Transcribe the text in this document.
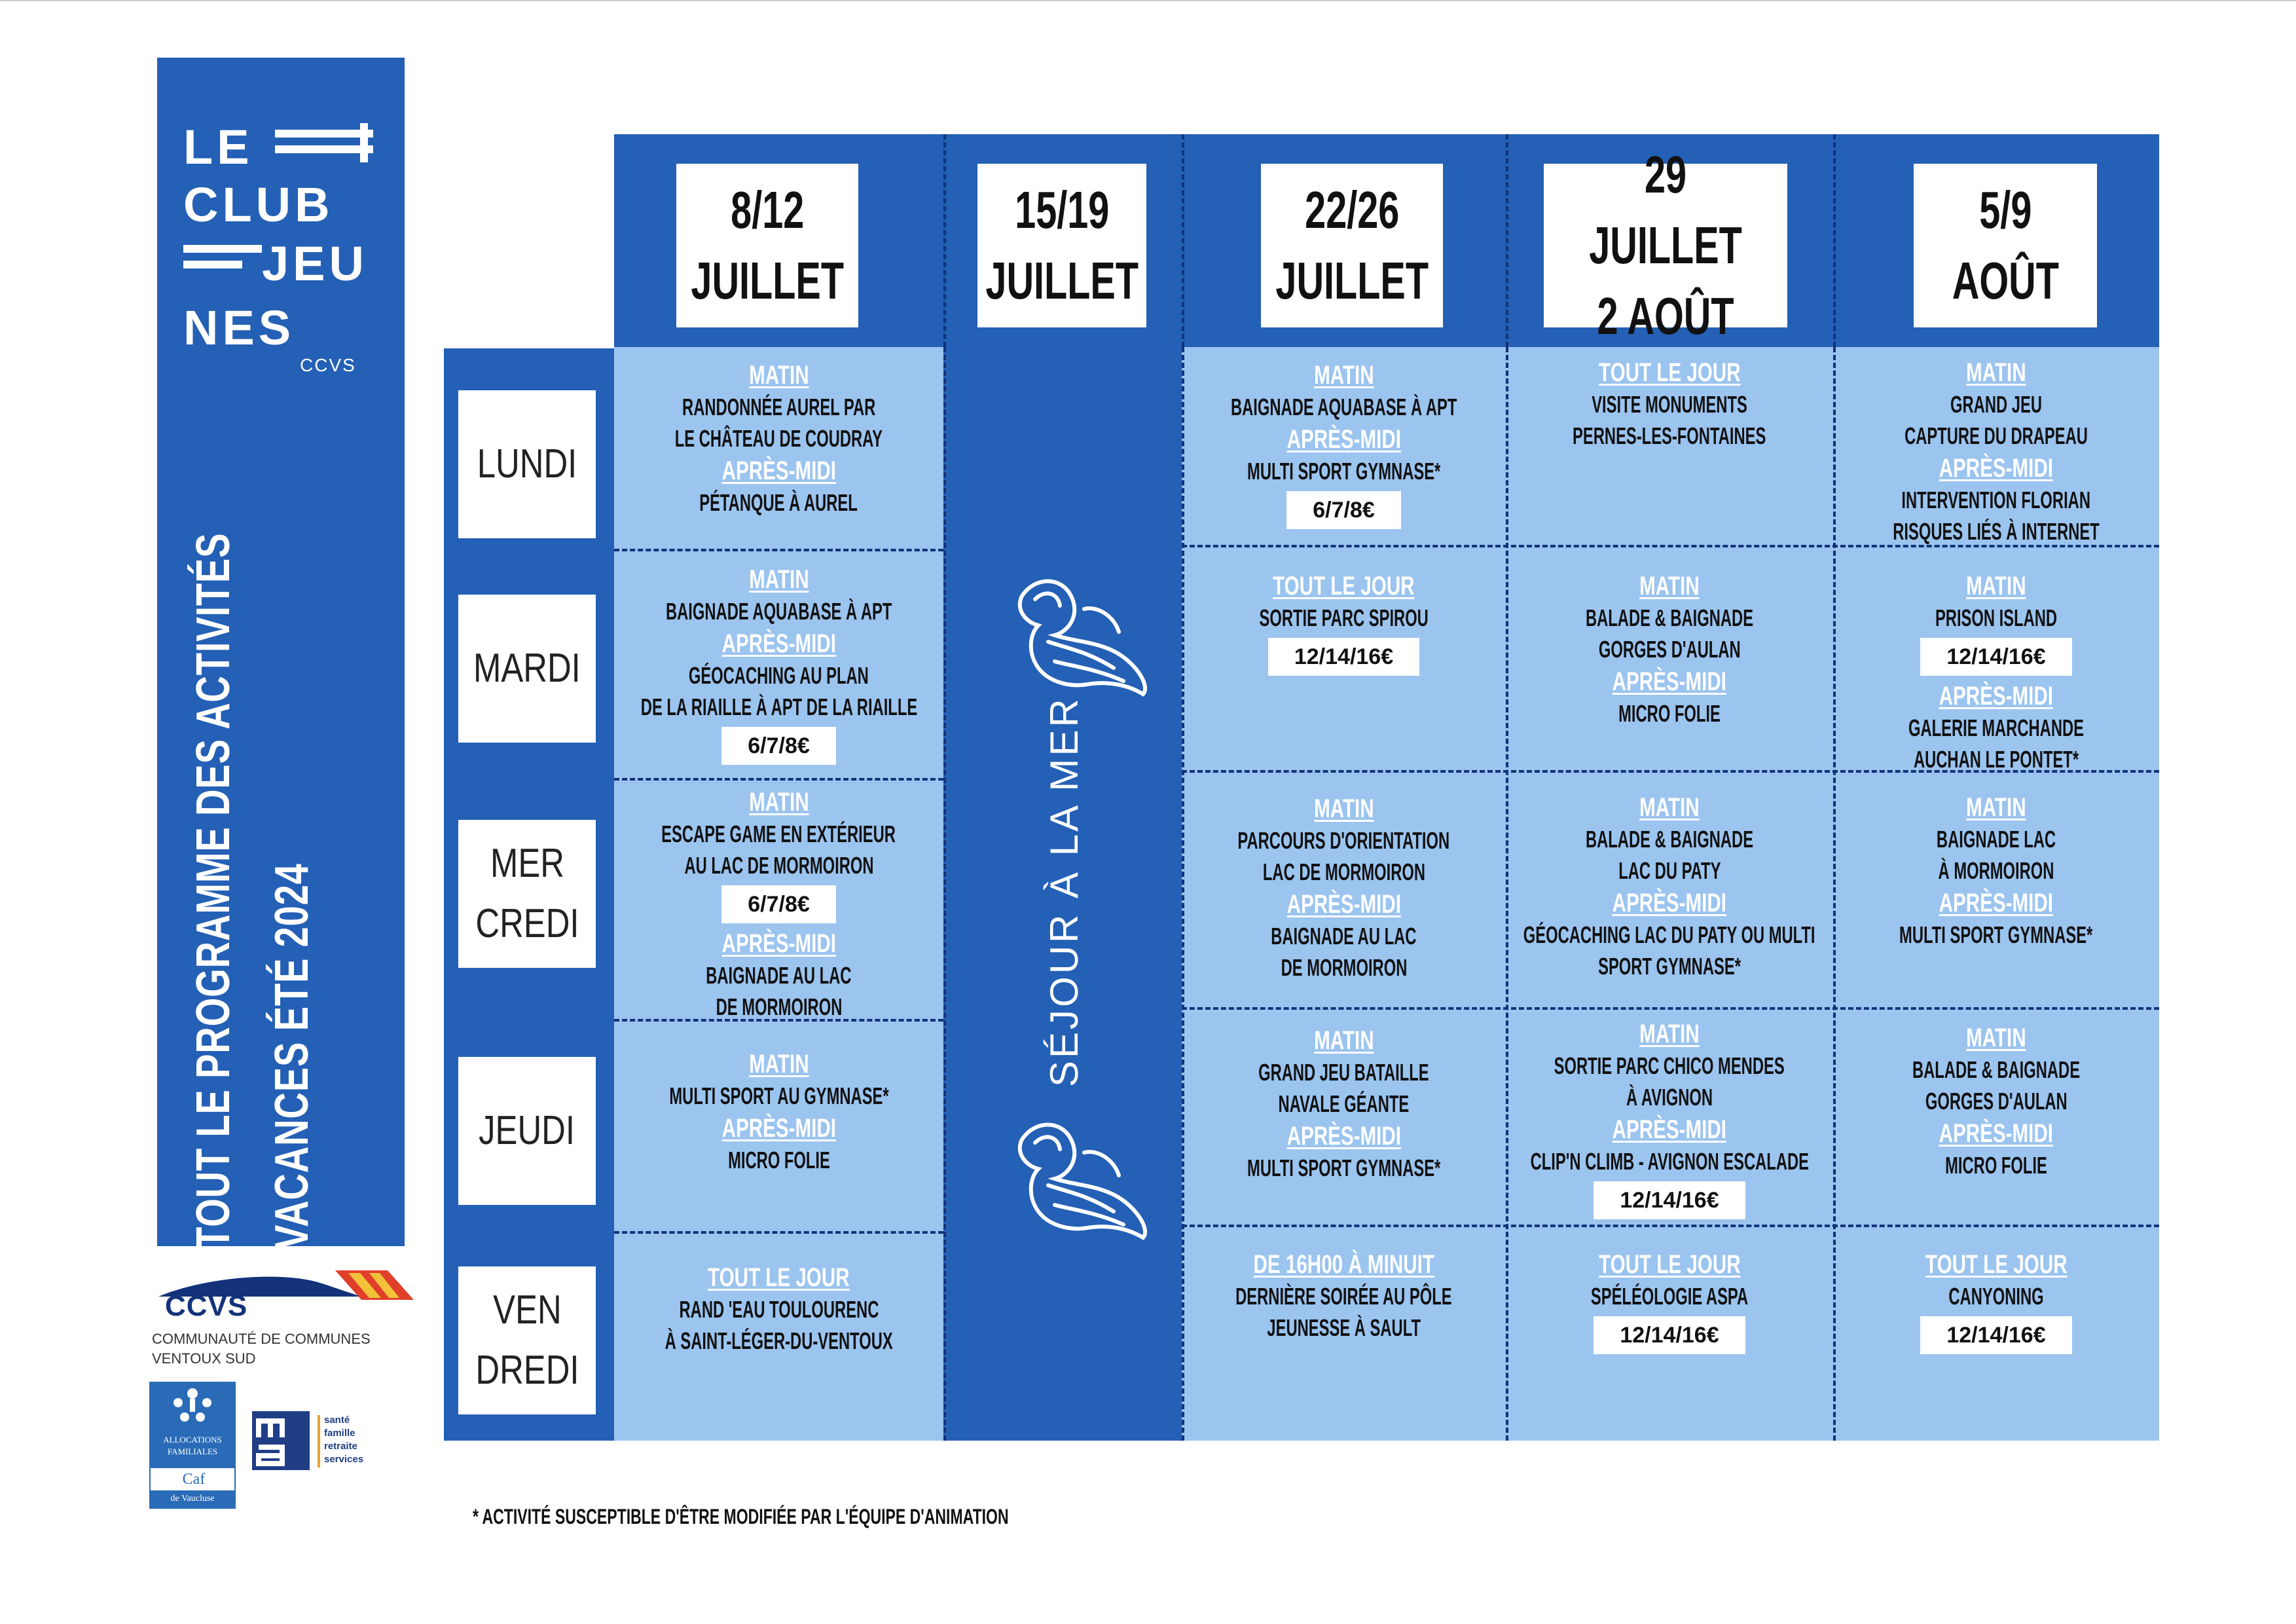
LE
CLUB
JEU
NES
CCVS
TOUT LE PROGRAMME DES ACTIVITÉS VACANCES ÉTÉ 2024
8/12
JUILLET
15/19
JUILLET
22/26
JUILLET
29 JUILLET
2 AOÛT
5/9
AOÛT
LUNDI
MARDI
MER
CREDI
JEUDI
VEN
DREDI
SÉJOUR À LA MER
MATIN
RANDONNÉE AUREL PAR
LE CHÂTEAU DE COUDRAY
APRÈS-MIDI
PÉTANQUE À AUREL
MATIN
BAIGNADE AQUABASE À APT
APRÈS-MIDI
GÉOCACHING AU PLAN
DE LA RIAILLE À APT DE LA RIAILLE
6/7/8€
MATIN
ESCAPE GAME EN EXTÉRIEUR
AU LAC DE MORMOIRON
6/7/8€
APRÈS-MIDI
BAIGNADE AU LAC
DE MORMOIRON
MATIN
MULTI SPORT AU GYMNASE*
APRÈS-MIDI
MICRO FOLIE
TOUT LE JOUR
RAND 'EAU TOULOURENC
À SAINT-LÉGER-DU-VENTOUX
MATIN
BAIGNADE AQUABASE À APT
APRÈS-MIDI
MULTI SPORT GYMNASE*
6/7/8€
TOUT LE JOUR
SORTIE PARC SPIROU
12/14/16€
MATIN
PARCOURS D'ORIENTATION
LAC DE MORMOIRON
APRÈS-MIDI
BAIGNADE AU LAC
DE MORMOIRON
MATIN
GRAND JEU BATAILLE
NAVALE GÉANTE
APRÈS-MIDI
MULTI SPORT GYMNASE*
DE 16H00 À MINUIT
DERNIÈRE SOIRÉE AU PÔLE
JEUNESSE À SAULT
TOUT LE JOUR
VISITE MONUMENTS
PERNES-LES-FONTAINES
MATIN
BALADE & BAIGNADE
GORGES D'AULAN
APRÈS-MIDI
MICRO FOLIE
MATIN
BALADE & BAIGNADE
LAC DU PATY
APRÈS-MIDI
GÉOCACHING LAC DU PATY OU MULTI
SPORT GYMNASE*
MATIN
SORTIE PARC CHICO MENDES
À AVIGNON
APRÈS-MIDI
CLIP'N CLIMB - AVIGNON ESCALADE
12/14/16€
TOUT LE JOUR
SPÉLÉOLOGIE ASPA
12/14/16€
MATIN
GRAND JEU
CAPTURE DU DRAPEAU
APRÈS-MIDI
INTERVENTION FLORIAN
RISQUES LIÉS À INTERNET
MATIN
PRISON ISLAND
12/14/16€
APRÈS-MIDI
GALERIE MARCHANDE
AUCHAN LE PONTET*
MATIN
BAIGNADE LAC
À MORMOIRON
APRÈS-MIDI
MULTI SPORT GYMNASE*
MATIN
BALADE & BAIGNADE
GORGES D'AULAN
APRÈS-MIDI
MICRO FOLIE
TOUT LE JOUR
CANYONING
12/14/16€
CCVS
COMMUNAUTÉ DE COMMUNES
VENTOUX SUD
ALLOCATIONS
FAMILIALES
Caf
de Vaucluse
santé
famille
retraite
services
* ACTIVITÉ SUSCEPTIBLE D'ÊTRE MODIFIÉE PAR L'ÉQUIPE D'ANIMATION
